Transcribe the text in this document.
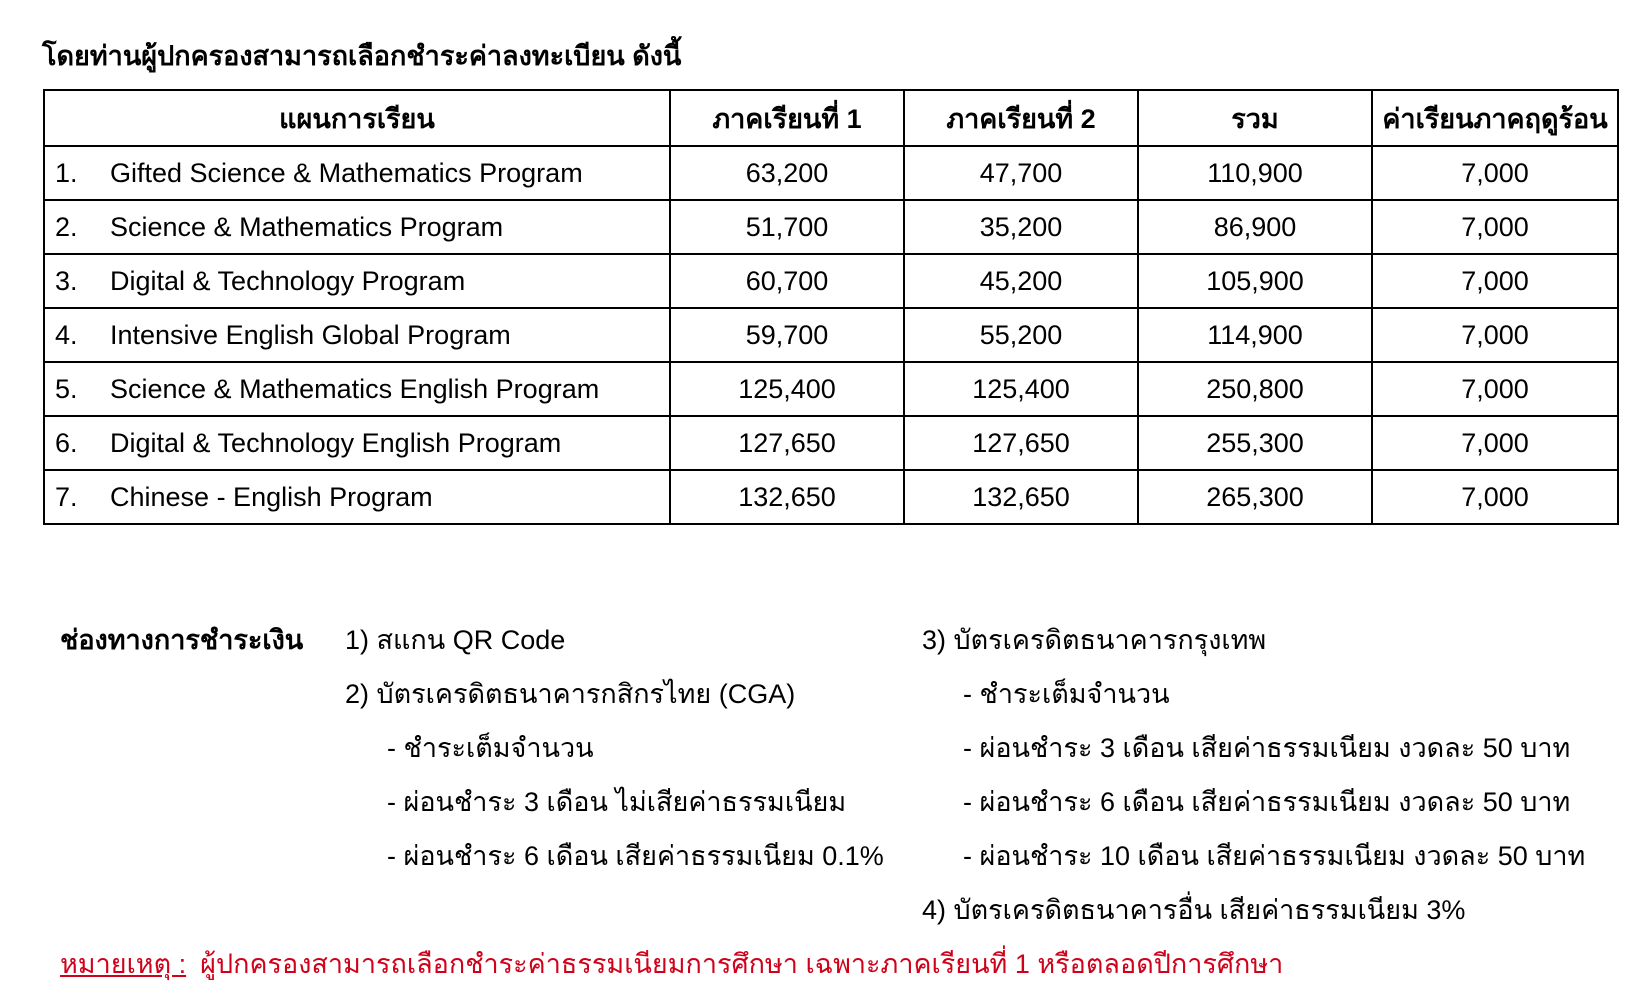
โดยท่านผู้ปกครองสามารถเลือกชำระค่าลงทะเบียน ดังนี้
แผนการเรียน	ภาคเรียนที่ 1	ภาคเรียนที่ 2	รวม	ค่าเรียนภาคฤดูร้อน
1. Gifted Science & Mathematics Program	63,200	47,700	110,900	7,000
2. Science & Mathematics Program	51,700	35,200	86,900	7,000
3. Digital & Technology Program	60,700	45,200	105,900	7,000
4. Intensive English Global Program	59,700	55,200	114,900	7,000
5. Science & Mathematics English Program	125,400	125,400	250,800	7,000
6. Digital & Technology English Program	127,650	127,650	255,300	7,000
7. Chinese - English Program	132,650	132,650	265,300	7,000
ช่องทางการชำระเงิน 1) สแกน QR Code
2) บัตรเครดิตธนาคารกสิกรไทย (CGA)
- ชำระเต็มจำนวน
- ผ่อนชำระ 3 เดือน ไม่เสียค่าธรรมเนียม
- ผ่อนชำระ 6 เดือน เสียค่าธรรมเนียม 0.1%
3) บัตรเครดิตธนาคารกรุงเทพ
- ชำระเต็มจำนวน
- ผ่อนชำระ 3 เดือน เสียค่าธรรมเนียม งวดละ 50 บาท
- ผ่อนชำระ 6 เดือน เสียค่าธรรมเนียม งวดละ 50 บาท
- ผ่อนชำระ 10 เดือน เสียค่าธรรมเนียม งวดละ 50 บาท
4) บัตรเครดิตธนาคารอื่น เสียค่าธรรมเนียม 3%
หมายเหตุ : ผู้ปกครองสามารถเลือกชำระค่าธรรมเนียมการศึกษา เฉพาะภาคเรียนที่ 1 หรือตลอดปีการศึกษา
